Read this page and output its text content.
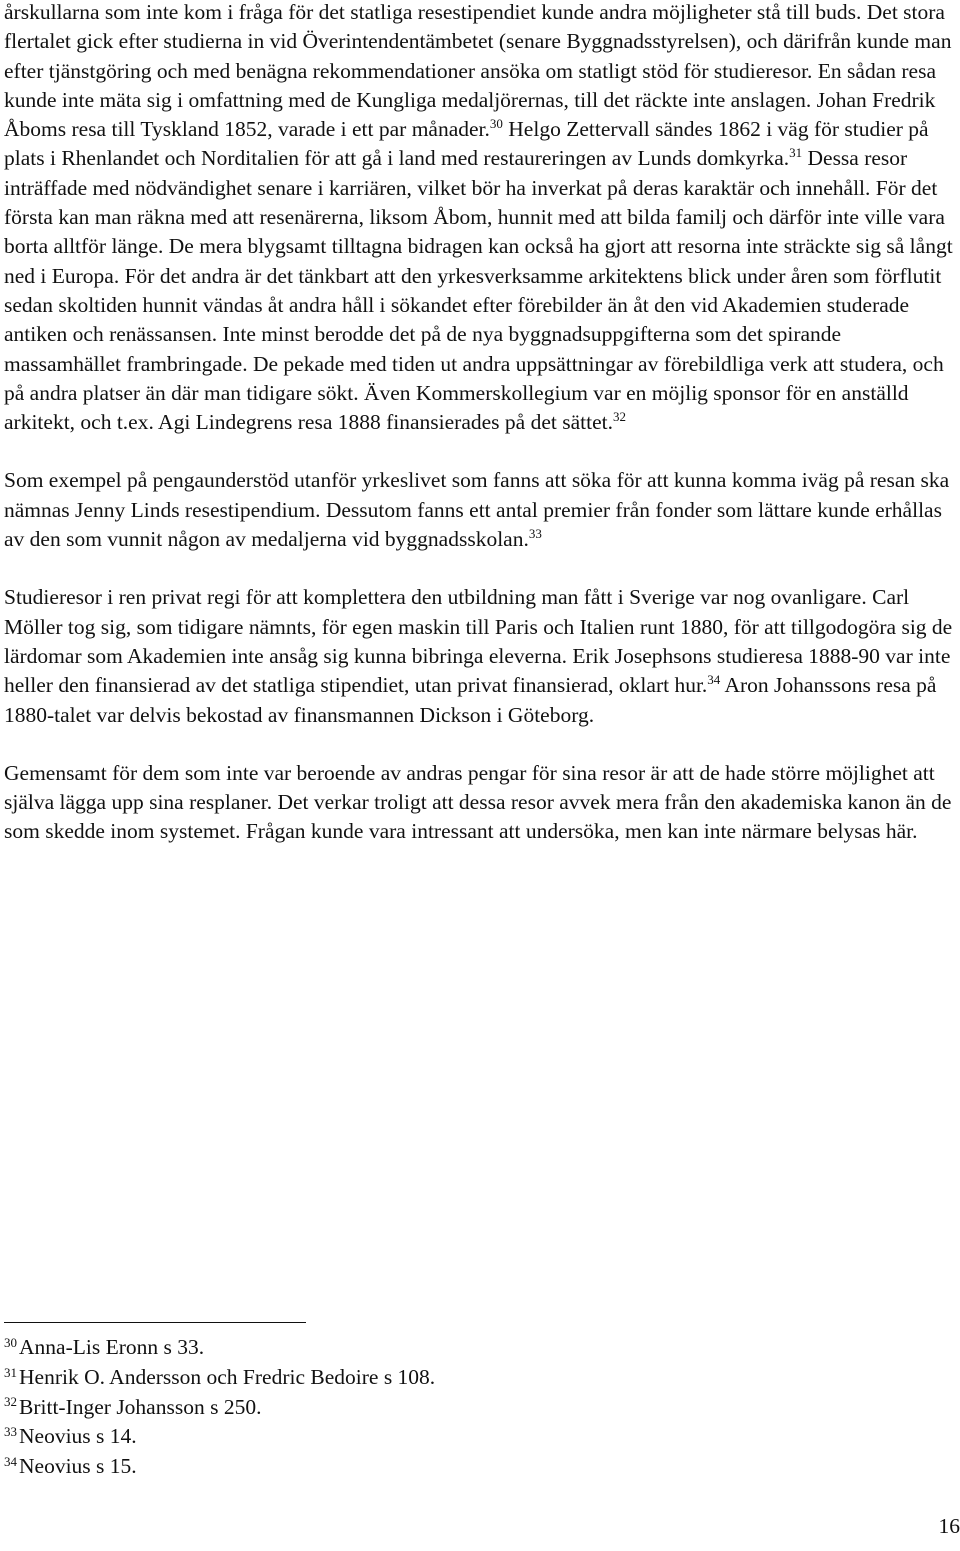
årskullarna som inte kom i fråga för det statliga resestipendiet kunde andra möjligheter stå till buds. Det stora flertalet gick efter studierna in vid Överintendentämbetet (senare Byggnadsstyrelsen), och därifrån kunde man efter tjänstgöring och med benägna rekommendationer ansöka om statligt stöd för studieresor. En sådan resa kunde inte mäta sig i omfattning med de Kungliga medaljörernas, till det räckte inte anslagen. Johan Fredrik Åboms resa till Tyskland 1852, varade i ett par månader.$^{30}$ Helgo Zettervall sändes 1862 i väg för studier på plats i Rhenlandet och Norditalien för att gå i land med restaureringen av Lunds domkyrka.$^{31}$ Dessa resor inträffade med nödvändighet senare i karriären, vilket bör ha inverkat på deras karaktär och innehåll. För det första kan man räkna med att resenärerna, liksom Åbom, hunnit med att bilda familj och därför inte ville vara borta alltför länge. De mera blygsamt tilltagna bidragen kan också ha gjort att resorna inte sträckte sig så långt ned i Europa. För det andra är det tänkbart att den yrkesverksamme arkitektens blick under åren som förflutit sedan skoltiden hunnit vändas åt andra håll i sökandet efter förebilder än åt den vid Akademien studerade antiken och renässansen. Inte minst berodde det på de nya byggnadsuppgifterna som det spirande massamhället frambringade. De pekade med tiden ut andra uppsättningar av förebildliga verk att studera, och på andra platser än där man tidigare sökt. Även Kommerskollegium var en möjlig sponsor för en anställd arkitekt, och t.ex. Agi Lindegrens resa 1888 finansierades på det sättet.$^{32}$

Som exempel på pengaunderstöd utanför yrkeslivet som fanns att söka för att kunna komma iväg på resan ska nämnas Jenny Linds resestipendium. Dessutom fanns ett antal premier från fonder som lättare kunde erhållas av den som vunnit någon av medaljerna vid byggnadsskolan.$^{33}$

Studieresor i ren privat regi för att komplettera den utbildning man fått i Sverige var nog ovanligare. Carl Möller tog sig, som tidigare nämnts, för egen maskin till Paris och Italien runt 1880, för att tillgodogöra sig de lärdomar som Akademien inte ansåg sig kunna bibringa eleverna. Erik Josephsons studieresa 1888-90 var inte heller den finansierad av det statliga stipendiet, utan privat finansierad, oklart hur.$^{34}$ Aron Johanssons resa på 1880-talet var delvis bekostad av finansmannen Dickson i Göteborg.

Gemensamt för dem som inte var beroende av andras pengar för sina resor är att de hade större möjlighet att själva lägga upp sina resplaner. Det verkar troligt att dessa resor avvek mera från den akademiska kanon än de som skedde inom systemet. Frågan kunde vara intressant att undersöka, men kan inte närmare belysas här.

$^{30}$Anna-Lis Eronn s 33.
$^{31}$Henrik O. Andersson och Fredric Bedoire s 108.
$^{32}$Britt-Inger Johansson s 250.
$^{33}$Neovius s 14.
$^{34}$Neovius s 15.
16
